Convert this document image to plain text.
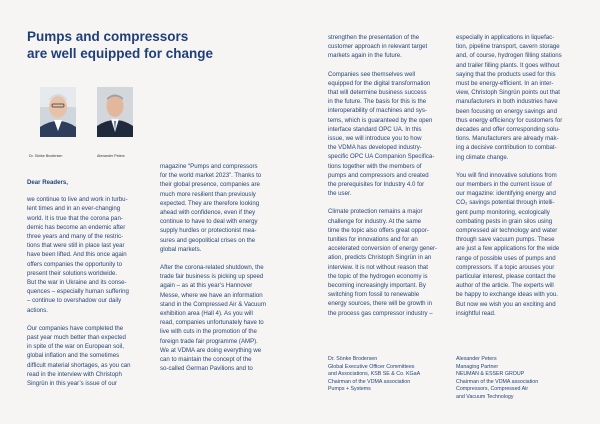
Pumps and compressors
are well equipped for change
Dr. Sönke Brodersen	Alexander Peters

Dear Readers,

we continue to live and work in turbu-
lent times and in an ever-changing
world. It is true that the corona pan-
demic has become an endemic after
three years and many of the restric-
tions that were still in place last year
have been lifted. And this once again
offers companies the opportunity to
present their solutions worldwide.
But the war in Ukraine and its conse-
quences – especially human suffering
– continue to overshadow our daily
actions.

Our companies have completed the
past year much better than expected
in spite of the war on European soil,
global inflation and the sometimes
difficult material shortages, as you can
read in the interview with Christoph
Singrün in this year’s issue of our

magazine “Pumps and compressors
for the world market 2023”. Thanks to
their global presence, companies are
much more resilient than previously
expected. They are therefore looking
ahead with confidence, even if they
continue to have to deal with energy
supply hurdles or protectionist mea-
sures and geopolitical crises on the
global markets.

After the corona-related shutdown, the
trade fair business is picking up speed
again – as at this year’s Hannover
Messe, where we have an information
stand in the Compressed Air & Vacuum
exhibition area (Hall 4). As you will
read, companies unfortunately have to
live with cuts in the promotion of the
foreign trade fair programme (AMP).
We at VDMA are doing everything we
can to maintain the concept of the
so-called German Pavilions and to

strengthen the presentation of the
customer approach in relevant target
markets again in the future.

Companies see themselves well
equipped for the digital transformation
that will determine business success
in the future. The basis for this is the
interoperability of machines and sys-
tems, which is guaranteed by the open
interface standard OPC UA. In this
issue, we will introduce you to how
the VDMA has developed industry-
specific OPC UA Companion Specifica-
tions together with the members of
pumps and compressors and created
the prerequisites for Industry 4.0 for
the user.

Climate protection remains a major
challenge for industry. At the same
time the topic also offers great oppor-
tunities for innovations and for an
accelerated conversion of energy gener-
ation, predicts Christoph Singrün in an
interview. It is not without reason that
the topic of the hydrogen economy is
becoming increasingly important. By
switching from fossil to renewable
energy sources, there will be growth in
the process gas compressor industry –

Dr. Sönke Brodersen
Global Executive Officer Committees
and Associations, KSB SE & Co. KGaA
Chairman of the VDMA association
Pumps + Systems

especially in applications in liquefac-
tion, pipeline transport, cavern storage
and, of course, hydrogen filling stations
and trailer filling plants. It goes without
saying that the products used for this
must be energy-efficient. In an inter-
view, Christoph Singrün points out that
manufacturers in both industries have
been focusing on energy savings and
thus energy efficiency for customers for
decades and offer corresponding solu-
tions. Manufacturers are already mak-
ing a decisive contribution to combat-
ing climate change.

You will find innovative solutions from
our members in the current issue of
our magazine: identifying energy and
CO₂ savings potential through intelli-
gent pump monitoring, ecologically
combating pests in grain silos using
compressed air technology and water
through save vacuum pumps. These
are just a few applications for the wide
range of possible uses of pumps and
compressors. If a topic arouses your
particular interest, please contact the
author of the article. The experts will
be happy to exchange ideas with you.
But now we wish you an exciting and
insightful read.

Alexander Peters
Managing Partner
NEUMAN & ESSER GROUP
Chairman of the VDMA association
Compressors, Compressed Air
and Vacuum Technology
